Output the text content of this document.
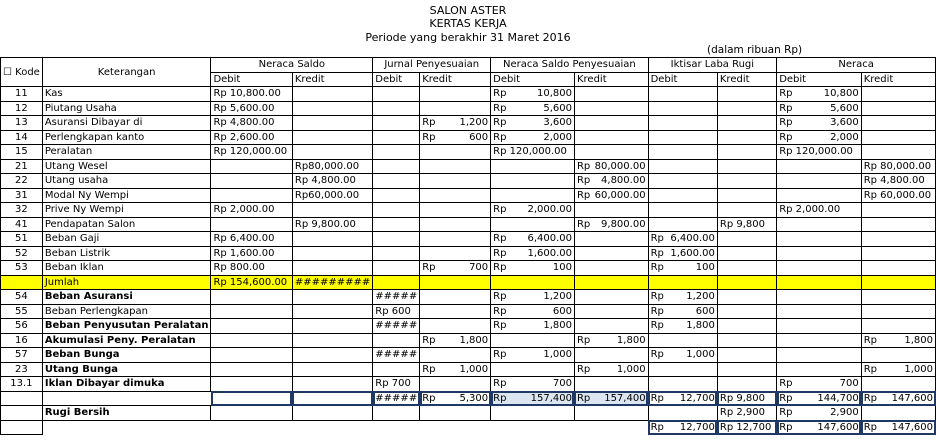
SALON ASTER
KERTAS KERJA
Periode yang berakhir 31 Maret 2016
(dalam ribuan Rp)
☐ Kode	Keterangan	Neraca Saldo		Jurnal Penyesuaian		Neraca Saldo Penyesuaian		Iktisar Laba Rugi		Neraca	
		Debit	Kredit	Debit	Kredit	Debit	Kredit	Debit	Kredit	Debit	Kredit
11	Kas	Rp 10,800.00				Rp 10,800				Rp 10,800	

12	Piutang Usaha	Rp 5,600.00				Rp 5,600				Rp 5,600	

13	Asuransi Dibayar di	Rp 4,800.00			Rp 1,200	Rp 3,600				Rp 3,600	

14	Perlengkapan kanto	Rp 2,600.00			Rp 600	Rp 2,000				Rp 2,000	

15	Peralatan	Rp 120,000.00				Rp 120,000.00				Rp 120,000.00	
21	Utang Wesel		Rp80,000.00				Rp 80,000.00				Rp 80,000.00
22	Utang usaha		Rp 4,800.00				Rp 4,800.00				Rp 4,800.00
31	Modal Ny Wempi		Rp60,000.00				Rp 60,000.00				Rp 60,000.00
32	Prive Ny Wempi	Rp 2,000.00				Rp 2,000.00				Rp 2,000.00	
41	Pendapatan Salon		Rp 9,800.00				Rp 9,800.00		Rp 9,800		
51	Beban Gaji	Rp 6,400.00				Rp 6,400.00		Rp 6,400.00			

52	Beban Listrik	Rp 1,600.00				Rp 1,600.00		Rp 1,600.00			

53	Beban Iklan	Rp 800.00			Rp 700	Rp 100		Rp 100			

	Jumlah	Rp 154,600.00	#########								
54	Beban Asuransi			#####		Rp 1,200		Rp 1,200			

55	Beban Perlengkapan			Rp 600		Rp 600		Rp 600			

56	Beban Penyusutan Peralatan			#####		Rp 1,800		Rp 1,800			

16	Akumulasi Peny. Peralatan				Rp 1,800		Rp 1,800				Rp 1,800

57	Beban Bunga			#####		Rp 1,000		Rp 1,000			

23	Utang Bunga				Rp 1,000		Rp 1,000				Rp 1,000

13.1	Iklan Dibayar dimuka			Rp 700		Rp 700				Rp 700	

				#####	Rp 5,300	Rp 157,400	Rp 157,400	Rp 12,700	Rp 9,800	Rp 144,700	Rp 147,600

	Rugi Bersih								Rp 2,900	Rp 2,900	

								Rp 12,700	Rp 12,700	Rp 147,600	Rp 147,600
